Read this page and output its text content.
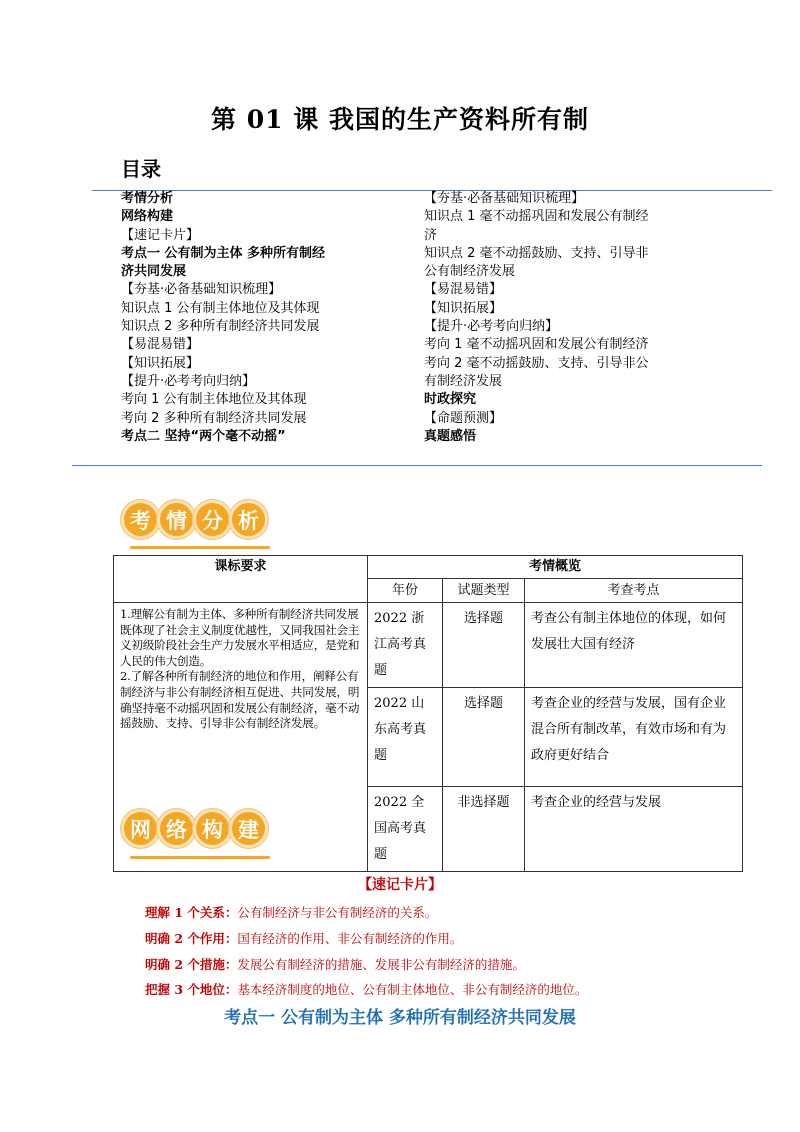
第 01 课 我国的生产资料所有制
目录
考情分析
网络构建
【速记卡片】
考点一 公有制为主体 多种所有制经
济共同发展
【夯基·必备基础知识梳理】
知识点 1 公有制主体地位及其体现
知识点 2 多种所有制经济共同发展
【易混易错】
【知识拓展】
【提升·必考考向归纳】
考向 1 公有制主体地位及其体现
考向 2 多种所有制经济共同发展
考点二 坚持“两个毫不动摇”
【夯基·必备基础知识梳理】
知识点 1 毫不动摇巩固和发展公有制经
济
知识点 2 毫不动摇鼓励、支持、引导非
公有制经济发展
【易混易错】
【知识拓展】
【提升·必考考向归纳】
考向 1 毫不动摇巩固和发展公有制经济
考向 2 毫不动摇鼓励、支持、引导非公
有制经济发展
时政探究
【命题预测】
真题感悟
考 情 分 析
课标要求	考情概览		
	年份	试题类型	考查考点
1.理解公有制为主体、多种所有制经济共同发展既体现了社会主义制度优越性，又同我国社会主义初级阶段社会生产力发展水平相适应，是党和人民的伟大创造。
2.了解各种所有制经济的地位和作用，阐释公有制经济与非公有制经济相互促进、共同发展，明确坚持毫不动摇巩固和发展公有制经济，毫不动摇鼓励、支持、引导非公有制经济发展。	2022 浙江高考真题	选择题	考查公有制主体地位的体现，如何发展壮大国有经济
	2022 山东高考真题	选择题	考查企业的经营与发展，国有企业混合所有制改革，有效市场和有为政府更好结合
	2022 全国高考真题	非选择题	考查企业的经营与发展
网 络 构 建
【速记卡片】
理解 1 个关系：公有制经济与非公有制经济的关系。
明确 2 个作用：国有经济的作用、非公有制经济的作用。
明确 2 个措施：发展公有制经济的措施、发展非公有制经济的措施。
把握 3 个地位：基本经济制度的地位、公有制主体地位、非公有制经济的地位。
考点一 公有制为主体 多种所有制经济共同发展
